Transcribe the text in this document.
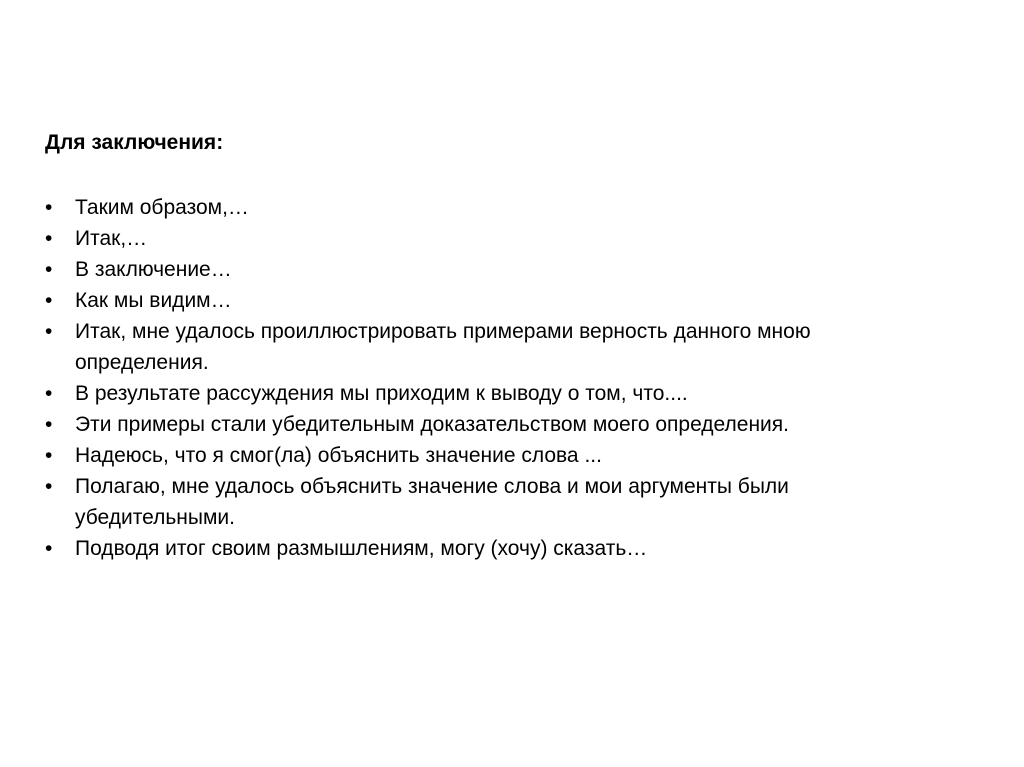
Для заключения:
• Таким образом,…
• Итак,…
• В заключение…
• Как мы видим…
• Итак, мне удалось проиллюстрировать примерами верность данного мною определения.
• В результате рассуждения мы приходим к выводу о том, что....
• Эти примеры стали убедительным доказательством моего определения.
• Надеюсь, что я смог(ла) объяснить значение слова ...
• Полагаю, мне удалось объяснить значение слова и мои аргументы были убедительными.
• Подводя итог своим размышлениям, могу (хочу) сказать…
